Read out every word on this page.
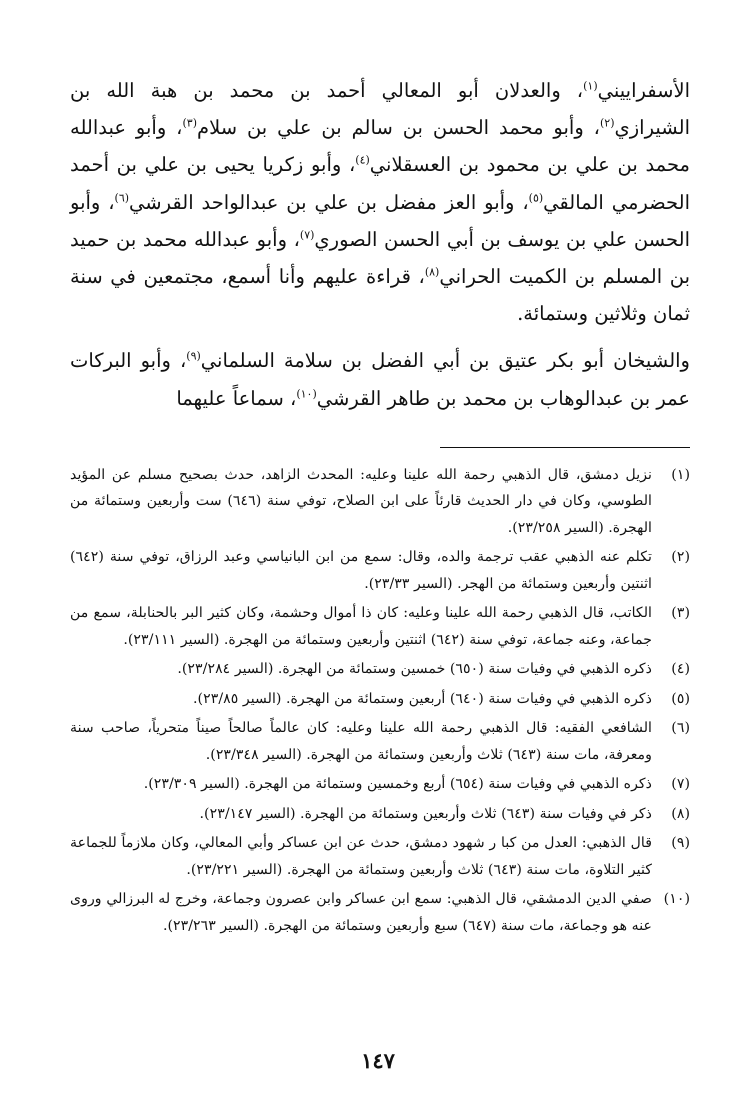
الأسفراييني$^{(١)}$، والعدلان أبو المعالي أحمد بن محمد بن هبة الله بن الشيرازي$^{(٢)}$، وأبو محمد الحسن بن سالم بن علي بن سلام$^{(٣)}$، وأبو عبدالله محمد بن علي بن محمود بن العسقلاني$^{(٤)}$، وأبو زكريا يحيى بن علي بن أحمد الحضرمي المالقي$^{(٥)}$، وأبو العز مفضل بن علي بن عبدالواحد القرشي$^{(٦)}$، وأبو الحسن علي بن يوسف بن أبي الحسن الصوري$^{(٧)}$، وأبو عبدالله محمد بن حميد بن المسلم بن الكميت الحراني$^{(٨)}$، قراءة عليهم وأنا أسمع، مجتمعين في سنة ثمان وثلاثين وستمائة.

والشيخان أبو بكر عتيق بن أبي الفضل بن سلامة السلماني$^{(٩)}$، وأبو البركات عمر بن عبدالوهاب بن محمد بن طاهر القرشي$^{(١٠)}$، سماعاً عليهما

(١)
نزيل دمشق، قال الذهبي رحمة الله علينا وعليه: المحدث الزاهد، حدث بصحيح مسلم عن المؤيد الطوسي، وكان في دار الحديث قارئاً على ابن الصلاح، توفي سنة (٦٤٦) ست وأربعين وستمائة من الهجرة. (السير ٢٣/٢٥٨).
(٢)
تكلم عنه الذهبي عقب ترجمة والده، وقال: سمع من ابن البانياسي وعبد الرزاق، توفي سنة (٦٤٢) اثنتين وأربعين وستمائة من الهجر. (السير ٢٣/٣٣).
(٣)
الكاتب، قال الذهبي رحمة الله علينا وعليه: كان ذا أموال وحشمة، وكان كثير البر بالحنابلة، سمع من جماعة، وعنه جماعة، توفي سنة (٦٤٢) اثنتين وأربعين وستمائة من الهجرة. (السير ٢٣/١١١).
(٤)
ذكره الذهبي في وفيات سنة (٦٥٠) خمسين وستمائة من الهجرة. (السير ٢٣/٢٨٤).
(٥)
ذكره الذهبي في وفيات سنة (٦٤٠) أربعين وستمائة من الهجرة. (السير ٢٣/٨٥).
(٦)
الشافعي الفقيه: قال الذهبي رحمة الله علينا وعليه: كان عالماً صالحاً صيناً متحرياً، صاحب سنة ومعرفة، مات سنة (٦٤٣) ثلاث وأربعين وستمائة من الهجرة. (السير ٢٣/٣٤٨).
(٧)
ذكره الذهبي في وفيات سنة (٦٥٤) أربع وخمسين وستمائة من الهجرة. (السير ٢٣/٣٠٩).
(٨)
ذكر في وفيات سنة (٦٤٣) ثلاث وأربعين وستمائة من الهجرة. (السير ٢٣/١٤٧).
(٩)
قال الذهبي: العدل من كبا ر شهود دمشق، حدث عن ابن عساكر وأبي المعالي، وكان ملازماً للجماعة كثير التلاوة، مات سنة (٦٤٣) ثلاث وأربعين وستمائة من الهجرة. (السير ٢٣/٢٢١).
(١٠)
صفي الدين الدمشقي، قال الذهبي: سمع ابن عساكر وابن عصرون وجماعة، وخرج له البرزالي وروى عنه هو وجماعة، مات سنة (٦٤٧) سبع وأربعين وستمائة من الهجرة. (السير ٢٣/٢٦٣).
١٤٧
